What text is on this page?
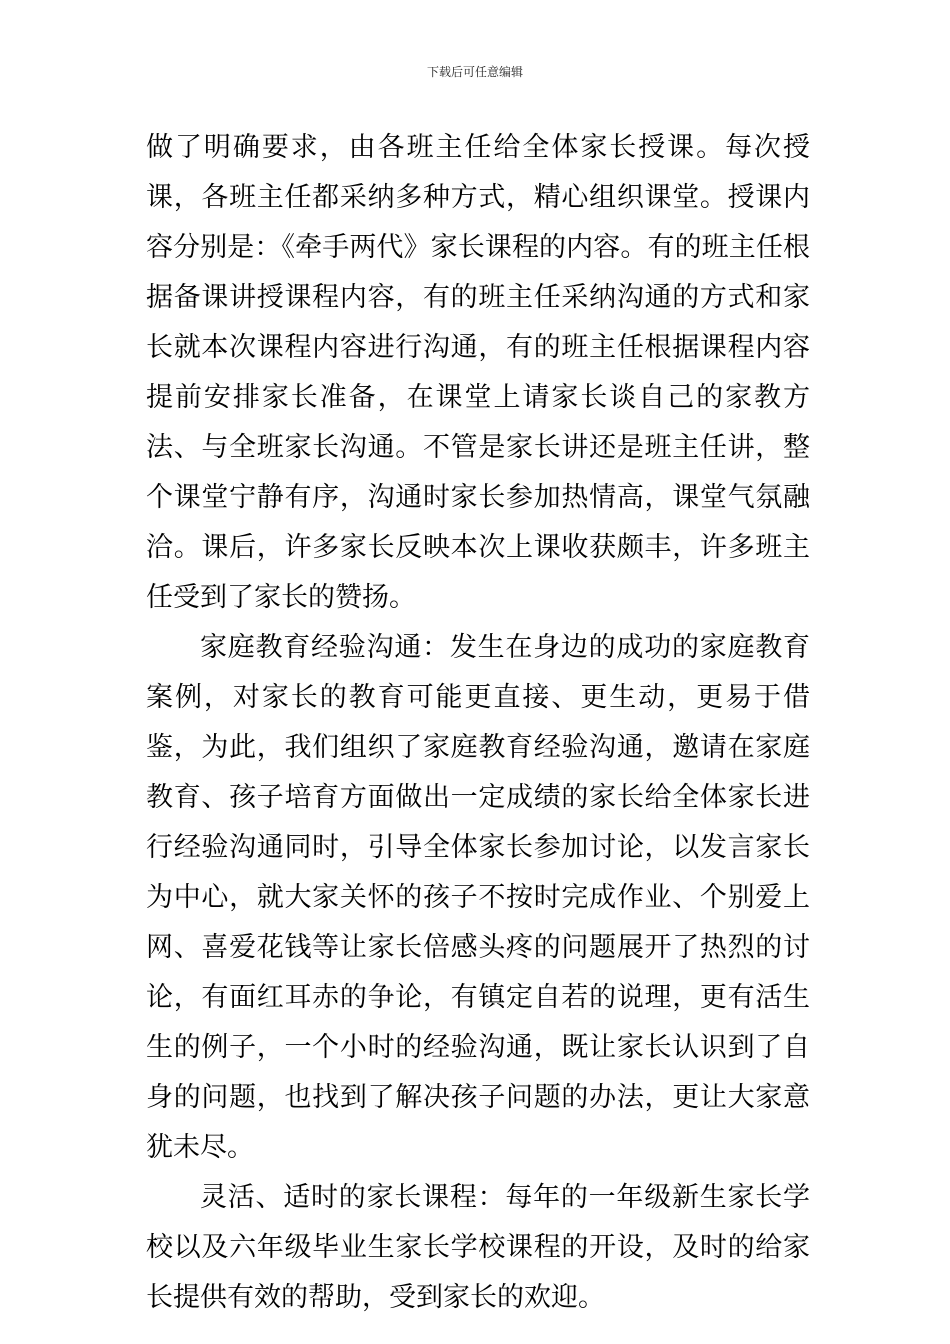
下载后可任意编辑

做了明确要求，由各班主任给全体家长授课。每次授课，各班主任都采纳多种方式，精心组织课堂。授课内容分别是：《牵手两代》家长课程的内容。有的班主任根据备课讲授课程内容，有的班主任采纳沟通的方式和家长就本次课程内容进行沟通，有的班主任根据课程内容提前安排家长准备，在课堂上请家长谈自己的家教方法、与全班家长沟通。不管是家长讲还是班主任讲，整个课堂宁静有序，沟通时家长参加热情高，课堂气氛融洽。课后，许多家长反映本次上课收获颇丰，许多班主任受到了家长的赞扬。

家庭教育经验沟通：发生在身边的成功的家庭教育案例，对家长的教育可能更直接、更生动，更易于借鉴，为此，我们组织了家庭教育经验沟通，邀请在家庭教育、孩子培育方面做出一定成绩的家长给全体家长进行经验沟通同时，引导全体家长参加讨论，以发言家长为中心，就大家关怀的孩子不按时完成作业、个别爱上网、喜爱花钱等让家长倍感头疼的问题展开了热烈的讨论，有面红耳赤的争论，有镇定自若的说理，更有活生生的例子，一个小时的经验沟通，既让家长认识到了自身的问题，也找到了解决孩子问题的办法，更让大家意犹未尽。

灵活、适时的家长课程：每年的一年级新生家长学校以及六年级毕业生家长学校课程的开设，及时的给家长提供有效的帮助，受到家长的欢迎。
